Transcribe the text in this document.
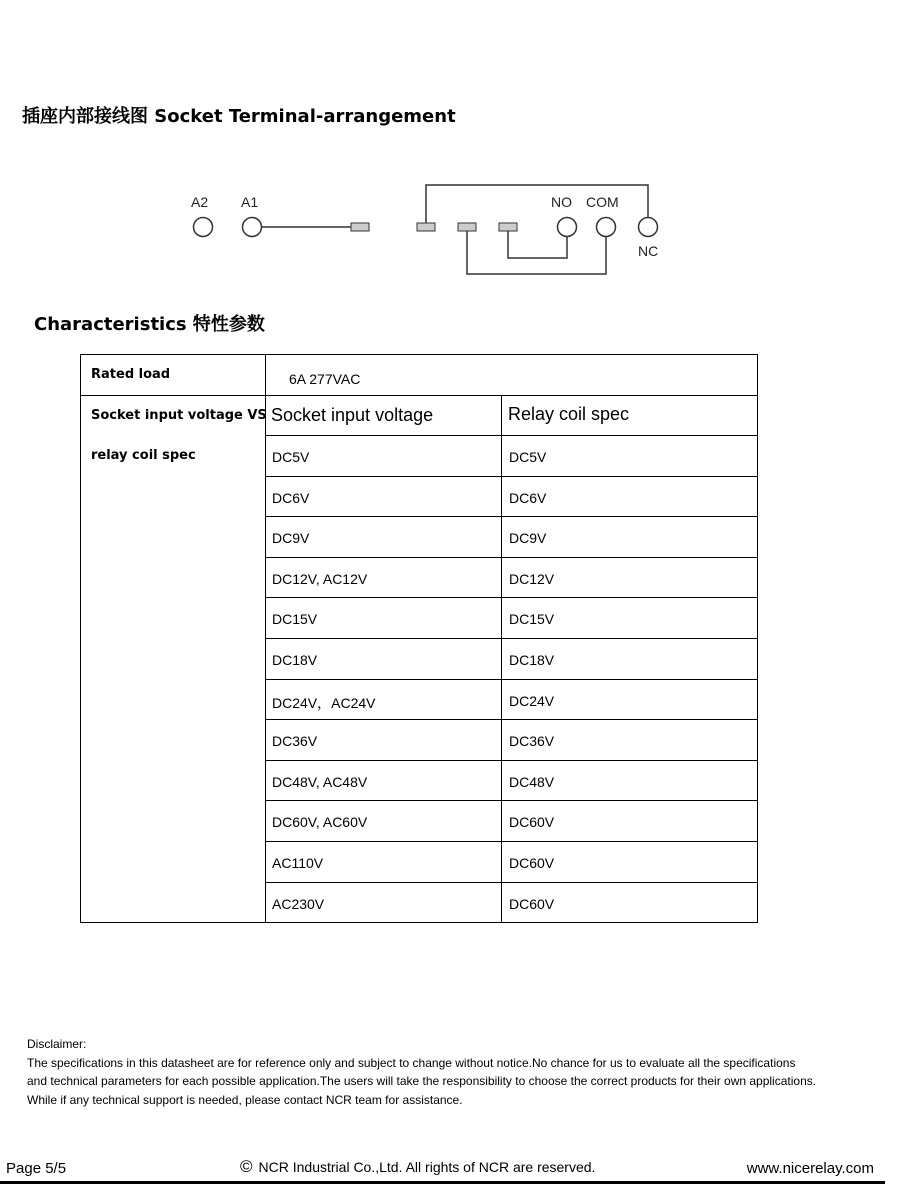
插座内部接线图 Socket Terminal-arrangement
A2 A1	NO COM
NC
Characteristics 特性参数
Rated load	6A 277VAC
Socket input voltage VS
relay coil spec
Socket input voltage	Relay coil spec
DC5V	DC5V
DC6V	DC6V
DC9V	DC9V
DC12V, AC12V	DC12V
DC15V	DC15V
DC18V	DC18V
DC24V，AC24V	DC24V
DC36V	DC36V
DC48V, AC48V	DC48V
DC60V, AC60V	DC60V
AC110V	DC60V
AC230V	DC60V
Disclaimer:
The specifications in this datasheet are for reference only and subject to change without notice.No chance for us to evaluate all the specifications
and technical parameters for each possible application.The users will take the responsibility to choose the correct products for their own applications.
While if any technical support is needed, please contact NCR team for assistance.
Page 5/5	© NCR Industrial Co.,Ltd. All rights of NCR are reserved.	www.nicerelay.com
